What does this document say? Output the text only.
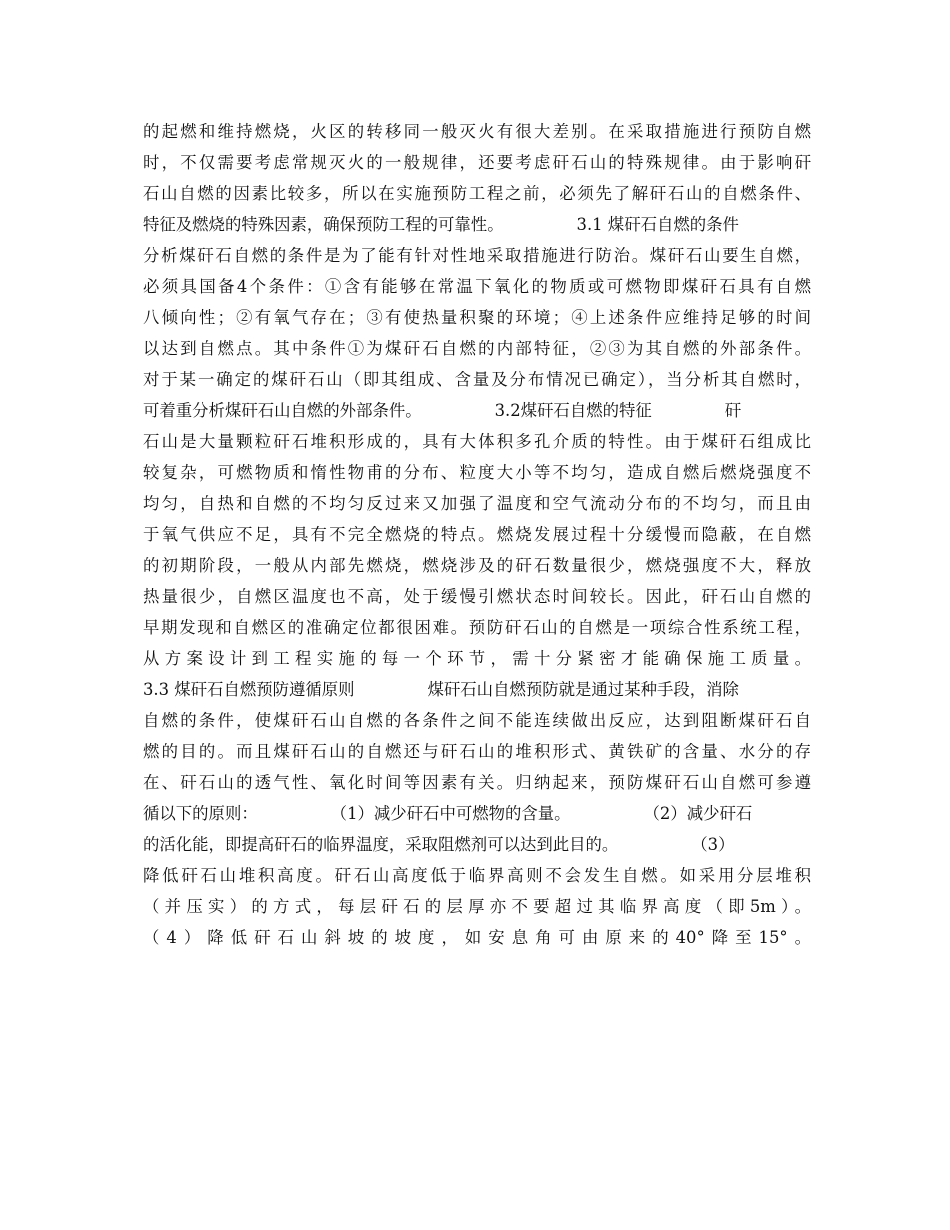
的起燃和维持燃烧，火区的转移同一般灭火有很大差别。在采取措施进行预防自燃
时，不仅需要考虑常规灭火的一般规律，还要考虑矸石山的特殊规律。由于影响矸
石山自燃的因素比较多，所以在实施预防工程之前，必须先了解矸石山的自燃条件、
特征及燃烧的特殊因素，确保预防工程的可靠性。              3.1 煤矸石自燃的条件
分析煤矸石自燃的条件是为了能有针对性地采取措施进行防治。煤矸石山要生自燃，
必须具国备4个条件：①含有能够在常温下氧化的物质或可燃物即煤矸石具有自燃
八倾向性；②有氧气存在；③有使热量积聚的环境；④上述条件应维持足够的时间
以达到自燃点。其中条件①为煤矸石自燃的内部特征，②③为其自燃的外部条件。
对于某一确定的煤矸石山（即其组成、含量及分布情况已确定），当分析其自燃时，
可着重分析煤矸石山自燃的外部条件。              3.2煤矸石自燃的特征              矸
石山是大量颗粒矸石堆积形成的，具有大体积多孔介质的特性。由于煤矸石组成比
较复杂，可燃物质和惰性物甫的分布、粒度大小等不均匀，造成自燃后燃烧强度不
均匀，自热和自燃的不均匀反过来又加强了温度和空气流动分布的不均匀，而且由
于氧气供应不足，具有不完全燃烧的特点。燃烧发展过程十分缓慢而隐蔽，在自燃
的初期阶段，一般从内部先燃烧，燃烧涉及的矸石数量很少，燃烧强度不大，释放
热量很少，自燃区温度也不高，处于缓慢引燃状态时间较长。因此，矸石山自燃的
早期发现和自燃区的准确定位都很困难。预防矸石山的自燃是一项综合性系统工程，
从方案设计到工程实施的每一个环节，需十分紧密才能确保施工质量。
3.3 煤矸石自燃预防遵循原则              煤矸石山自燃预防就是通过某种手段，消除
自燃的条件，使煤矸石山自燃的各条件之间不能连续做出反应，达到阻断煤矸石自
燃的目的。而且煤矸石山的自燃还与矸石山的堆积形式、黄铁矿的含量、水分的存
在、矸石山的透气性、氧化时间等因素有关。归纳起来，预防煤矸石山自燃可参遵
循以下的原则：              （1）减少矸石中可燃物的含量。              （2）减少矸石
的活化能，即提高矸石的临界温度，采取阻燃剂可以达到此目的。              （3）
降低矸石山堆积高度。矸石山高度低于临界高则不会发生自燃。如采用分层堆积
（并压实）的方式，每层矸石的层厚亦不要超过其临界高度（即5m）。
（4）降低矸石山斜坡的坡度，如安息角可由原来的40°降至15°。
